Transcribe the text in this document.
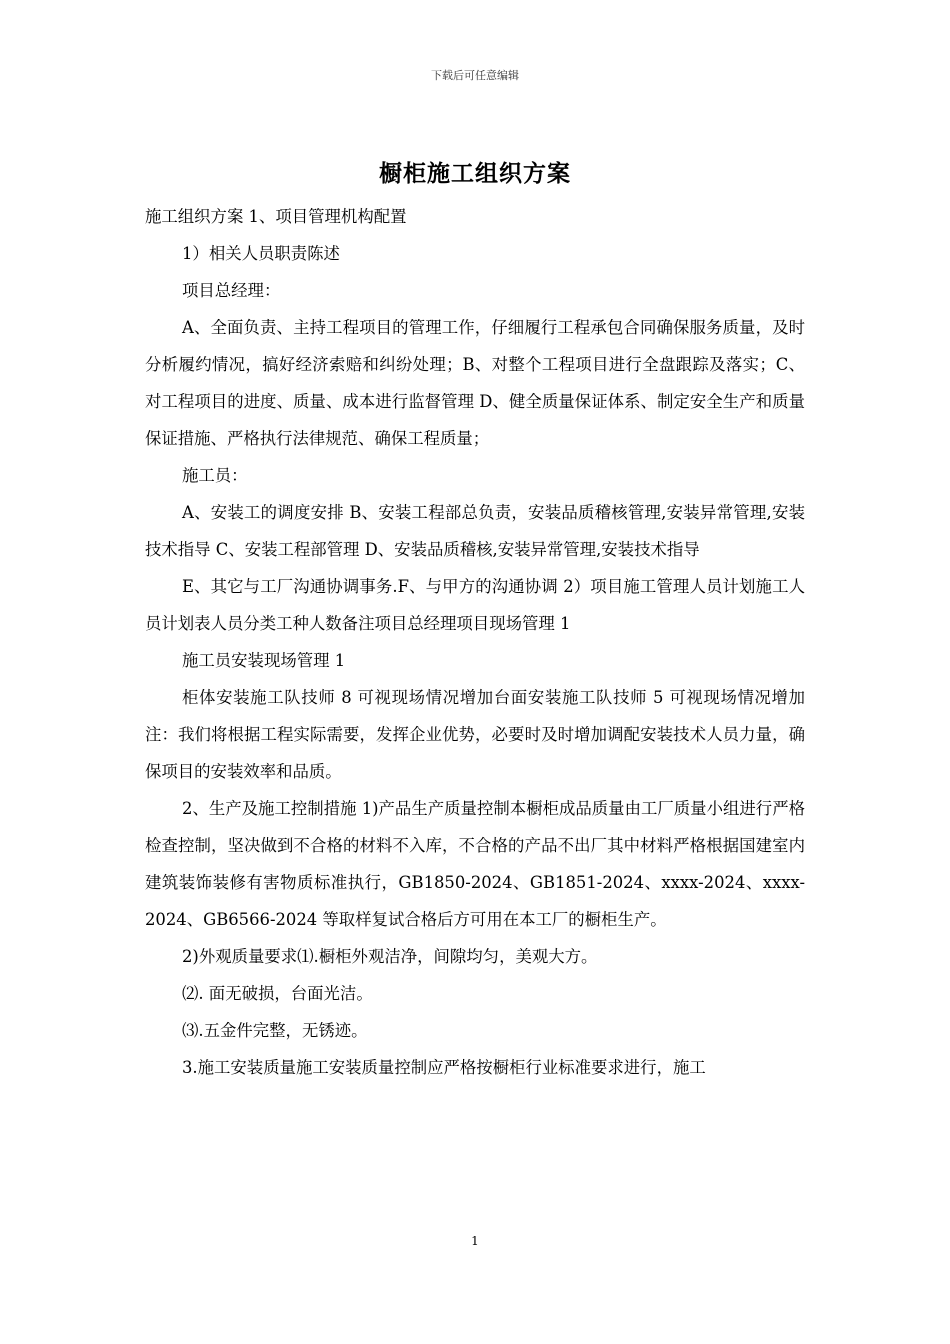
下载后可任意编辑
橱柜施工组织方案

施工组织方案 1、项目管理机构配置

1）相关人员职责陈述

项目总经理：

A、全面负责、主持工程项目的管理工作，仔细履行工程承包合同确保服务质量，及时分析履约情况，搞好经济索赔和纠纷处理；B、对整个工程项目进行全盘跟踪及落实；C、对工程项目的进度、质量、成本进行监督管理 D、健全质量保证体系、制定安全生产和质量保证措施、严格执行法律规范、确保工程质量；

施工员：

A、安装工的调度安排 B、安装工程部总负责，安装品质稽核管理,安装异常管理,安装技术指导 C、安装工程部管理 D、安装品质稽核,安装异常管理,安装技术指导

E、其它与工厂沟通协调事务.F、与甲方的沟通协调 2）项目施工管理人员计划施工人员计划表人员分类工种人数备注项目总经理项目现场管理 1

施工员安装现场管理 1

柜体安装施工队技师 8 可视现场情况增加台面安装施工队技师 5 可视现场情况增加注：我们将根据工程实际需要，发挥企业优势，必要时及时增加调配安装技术人员力量，确保项目的安装效率和品质。

2、生产及施工控制措施 1)产品生产质量控制本橱柜成品质量由工厂质量小组进行严格检查控制，坚决做到不合格的材料不入库，不合格的产品不出厂其中材料严格根据国建室内建筑装饰装修有害物质标准执行，GB1850-2024、GB1851-2024、xxxx-2024、xxxx-2024、GB6566-2024 等取样复试合格后方可用在本工厂的橱柜生产。

2)外观质量要求⑴.橱柜外观洁净，间隙均匀，美观大方。

⑵. 面无破损，台面光洁。

⑶.五金件完整，无锈迹。

3.施工安装质量施工安装质量控制应严格按橱柜行业标准要求进行，施工

1
